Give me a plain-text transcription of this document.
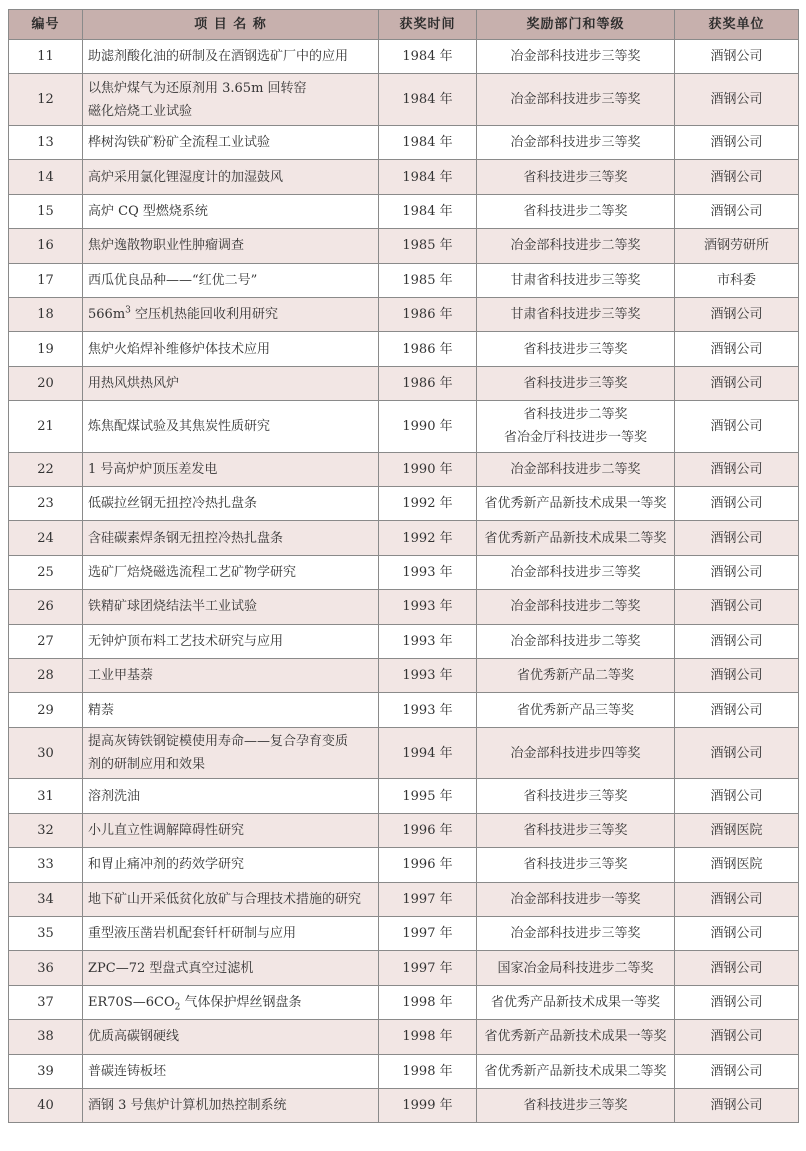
编号	项 目 名 称	获奖时间	奖励部门和等级	获奖单位
11	助滤剂酸化油的研制及在酒钢选矿厂中的应用	1984 年	冶金部科技进步三等奖	酒钢公司
12	以焦炉煤气为还原剂用 3.65m 回转窑
磁化焙烧工业试验	1984 年	冶金部科技进步三等奖	酒钢公司
13	桦树沟铁矿粉矿全流程工业试验	1984 年	冶金部科技进步三等奖	酒钢公司
14	高炉采用氯化锂湿度计的加湿鼓风	1984 年	省科技进步三等奖	酒钢公司
15	高炉 CQ 型燃烧系统	1984 年	省科技进步二等奖	酒钢公司
16	焦炉逸散物职业性肿瘤调查	1985 年	冶金部科技进步二等奖	酒钢劳研所
17	西瓜优良品种——“红优二号”	1985 年	甘肃省科技进步三等奖	市科委
18	$566m^3$ 空压机热能回收利用研究	1986 年	甘肃省科技进步三等奖	酒钢公司
19	焦炉火焰焊补维修炉体技术应用	1986 年	省科技进步三等奖	酒钢公司
20	用热风烘热风炉	1986 年	省科技进步三等奖	酒钢公司
21	炼焦配煤试验及其焦炭性质研究	1990 年	省科技进步二等奖
省冶金厅科技进步一等奖	酒钢公司
22	1 号高炉炉顶压差发电	1990 年	冶金部科技进步二等奖	酒钢公司
23	低碳拉丝钢无扭控冷热扎盘条	1992 年	省优秀新产品新技术成果一等奖	酒钢公司
24	含硅碳素焊条钢无扭控冷热扎盘条	1992 年	省优秀新产品新技术成果二等奖	酒钢公司
25	选矿厂焙烧磁选流程工艺矿物学研究	1993 年	冶金部科技进步三等奖	酒钢公司
26	铁精矿球团烧结法半工业试验	1993 年	冶金部科技进步二等奖	酒钢公司
27	无钟炉顶布料工艺技术研究与应用	1993 年	冶金部科技进步二等奖	酒钢公司
28	工业甲基萘	1993 年	省优秀新产品二等奖	酒钢公司
29	精萘	1993 年	省优秀新产品三等奖	酒钢公司
30	提高灰铸铁钢锭模使用寿命——复合孕育变质
剂的研制应用和效果	1994 年	冶金部科技进步四等奖	酒钢公司
31	溶剂洗油	1995 年	省科技进步三等奖	酒钢公司
32	小儿直立性调解障碍性研究	1996 年	省科技进步三等奖	酒钢医院
33	和胃止痛冲剂的药效学研究	1996 年	省科技进步三等奖	酒钢医院
34	地下矿山开采低贫化放矿与合理技术措施的研究	1997 年	冶金部科技进步一等奖	酒钢公司
35	重型液压凿岩机配套钎杆研制与应用	1997 年	冶金部科技进步三等奖	酒钢公司
36	ZPC—72 型盘式真空过滤机	1997 年	国家冶金局科技进步二等奖	酒钢公司
37	$ER70S—6CO_2$ 气体保护焊丝钢盘条	1998 年	省优秀产品新技术成果一等奖	酒钢公司
38	优质高碳钢硬线	1998 年	省优秀新产品新技术成果一等奖	酒钢公司
39	普碳连铸板坯	1998 年	省优秀新产品新技术成果二等奖	酒钢公司
40	酒钢 3 号焦炉计算机加热控制系统	1999 年	省科技进步三等奖	酒钢公司
